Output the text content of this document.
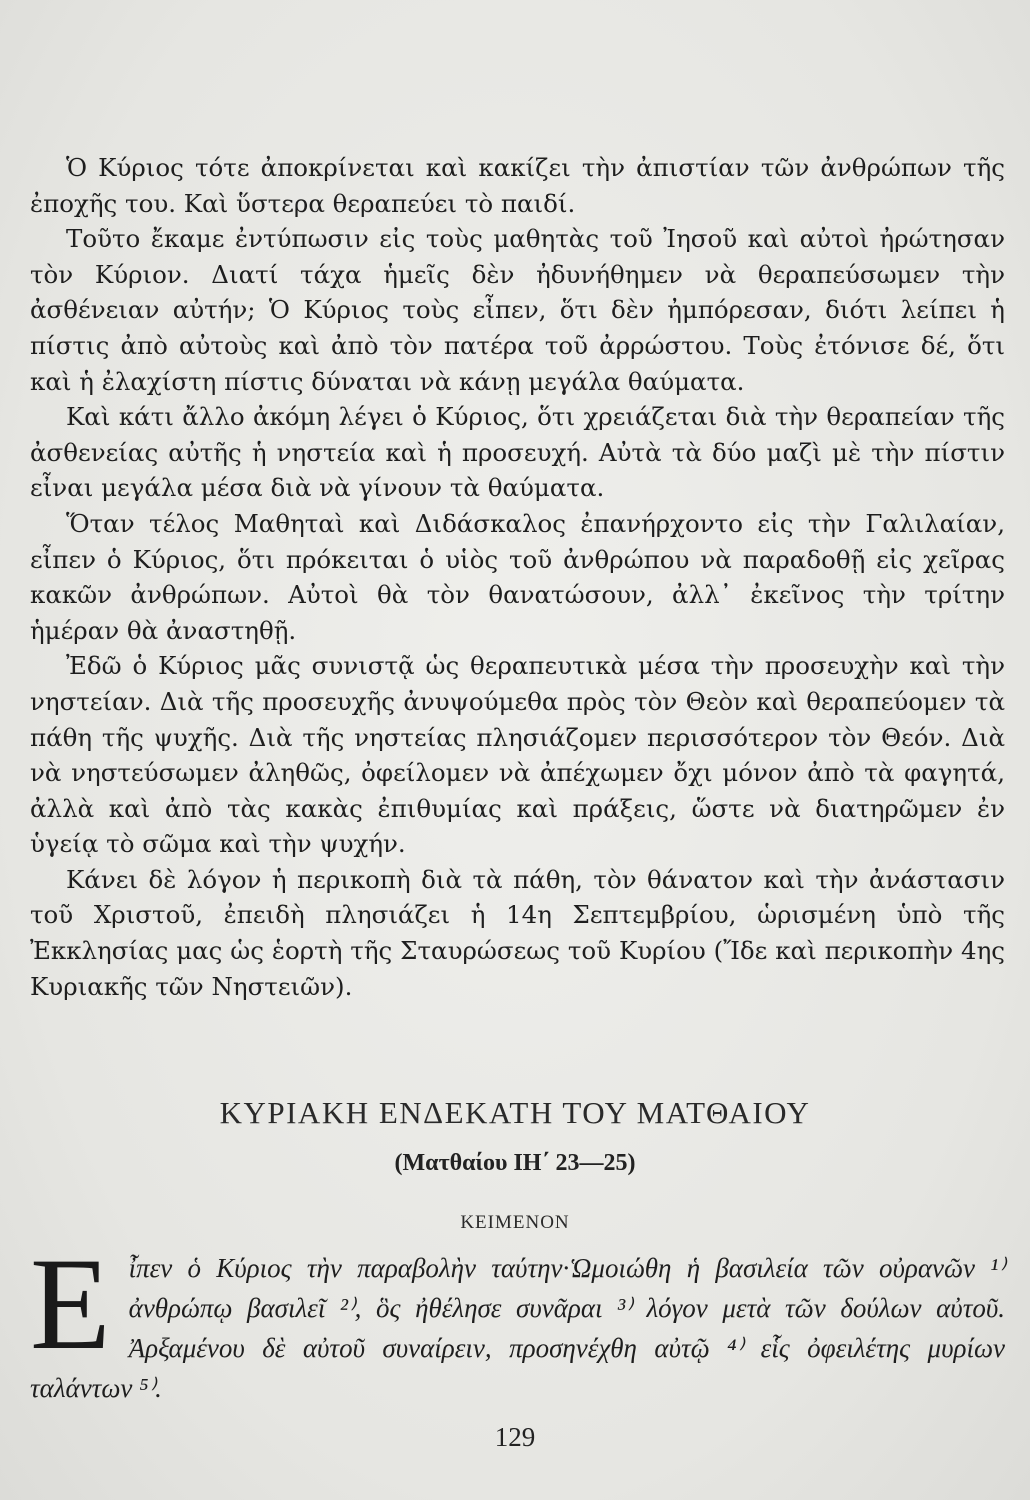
Ὁ Κύριος τότε ἀποκρίνεται καὶ κακίζει τὴν ἀπιστίαν τῶν ἀνθρώπων τῆς ἐποχῆς του. Καὶ ὕστερα θεραπεύει τὸ παιδί.

Τοῦτο ἔκαμε ἐντύπωσιν εἰς τοὺς μαθητὰς τοῦ Ἰησοῦ καὶ αὐτοὶ ἠρώτησαν τὸν Κύριον. Διατί τάχα ἡμεῖς δὲν ἠδυνήθημεν νὰ θεραπεύσωμεν τὴν ἀσθένειαν αὐτήν; Ὁ Κύριος τοὺς εἶπεν, ὅτι δὲν ἠμπόρεσαν, διότι λείπει ἡ πίστις ἀπὸ αὐτοὺς καὶ ἀπὸ τὸν πατέρα τοῦ ἀρρώστου. Τοὺς ἐτόνισε δέ, ὅτι καὶ ἡ ἐλαχίστη πίστις δύναται νὰ κάνῃ μεγάλα θαύματα.

Καὶ κάτι ἄλλο ἀκόμη λέγει ὁ Κύριος, ὅτι χρειάζεται διὰ τὴν θεραπείαν τῆς ἀσθενείας αὐτῆς ἡ νηστεία καὶ ἡ προσευχή. Αὐτὰ τὰ δύο μαζὶ μὲ τὴν πίστιν εἶναι μεγάλα μέσα διὰ νὰ γίνουν τὰ θαύματα.

Ὅταν τέλος Μαθηταὶ καὶ Διδάσκαλος ἐπανήρχοντο εἰς τὴν Γαλιλαίαν, εἶπεν ὁ Κύριος, ὅτι πρόκειται ὁ υἱὸς τοῦ ἀνθρώπου νὰ παραδοθῇ εἰς χεῖρας κακῶν ἀνθρώπων. Αὐτοὶ θὰ τὸν θανατώσουν, ἀλλ᾽ ἐκεῖνος τὴν τρίτην ἡμέραν θὰ ἀναστηθῇ.

Ἐδῶ ὁ Κύριος μᾶς συνιστᾷ ὡς θεραπευτικὰ μέσα τὴν προσευχὴν καὶ τὴν νηστείαν. Διὰ τῆς προσευχῆς ἀνυψούμεθα πρὸς τὸν Θεὸν καὶ θεραπεύομεν τὰ πάθη τῆς ψυχῆς. Διὰ τῆς νηστείας πλησιάζομεν περισσότερον τὸν Θεόν. Διὰ νὰ νηστεύσωμεν ἀληθῶς, ὀφείλομεν νὰ ἀπέχωμεν ὄχι μόνον ἀπὸ τὰ φαγητά, ἀλλὰ καὶ ἀπὸ τὰς κακὰς ἐπιθυμίας καὶ πράξεις, ὥστε νὰ διατηρῶμεν ἐν ὑγείᾳ τὸ σῶμα καὶ τὴν ψυχήν.

Κάνει δὲ λόγον ἡ περικοπὴ διὰ τὰ πάθη, τὸν θάνατον καὶ τὴν ἀνάστασιν τοῦ Χριστοῦ, ἐπειδὴ πλησιάζει ἡ 14η Σεπτεμβρίου, ὡρισμένη ὑπὸ τῆς Ἐκκλησίας μας ὡς ἑορτὴ τῆς Σταυρώσεως τοῦ Κυρίου (Ἴδε καὶ περικοπὴν 4ης Κυριακῆς τῶν Νηστειῶν).

ΚΥΡΙΑΚΗ ΕΝΔΕΚΑΤΗ ΤΟΥ ΜΑΤΘΑΙΟΥ
(Ματθαίου ΙΗ΄ 23—25)
ΚΕΙΜΕΝΟΝ
Ε ἶπεν ὁ Κύριος τὴν παραβολὴν ταύτην·Ὡμοιώθη ἡ βασιλεία τῶν οὐρανῶν ¹⁾ ἀνθρώπῳ βασιλεῖ ²⁾, ὃς ἠθέλησε συνᾶραι ³⁾ λόγον μετὰ τῶν δούλων αὐτοῦ. Ἀρξαμένου δὲ αὐτοῦ συναίρειν, προσηνέχθη αὐτῷ ⁴⁾ εἷς ὀφειλέτης μυρίων ταλάντων ⁵⁾.

129
